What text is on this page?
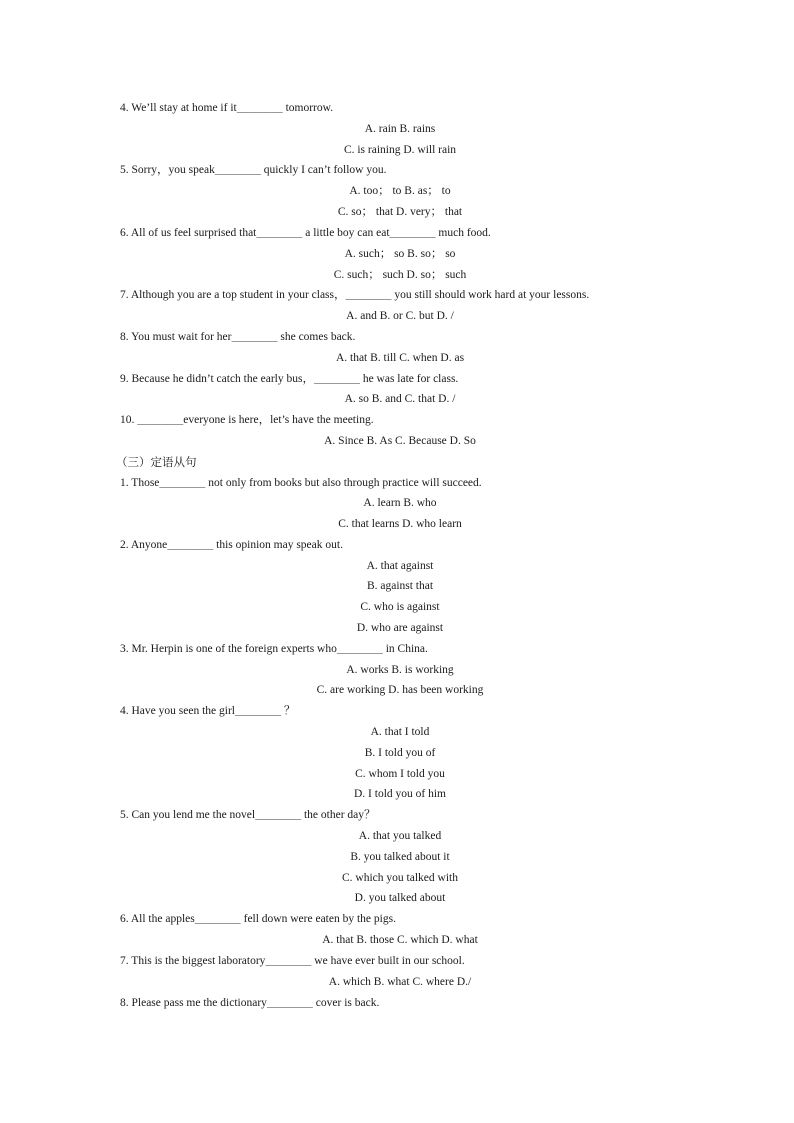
4. We’ll stay at home if it＿＿＿＿ tomorrow.
A. rain B. rains
C. is raining D. will rain
5. Sorry，you speak＿＿＿＿ quickly I can’t follow you.
A. too； to B. as； to
C. so； that D. very； that
6. All of us feel surprised that＿＿＿＿ a little boy can eat＿＿＿＿ much food.
A. such； so B. so； so
C. such； such D. so； such
7. Although you are a top student in your class，＿＿＿＿ you still should work hard at your lessons.
A. and B. or C. but D. /
8. You must wait for her＿＿＿＿ she comes back.
A. that B. till C. when D. as
9. Because he didn’t catch the early bus，＿＿＿＿ he was late for class.
A. so B. and C. that D. /
10. ＿＿＿＿everyone is here，let’s have the meeting.
A. Since B. As C. Because D. So
（三）定语从句
1. Those＿＿＿＿ not only from books but also through practice will succeed.
A. learn B. who
C. that learns D. who learn
2. Anyone＿＿＿＿ this opinion may speak out.
A. that against
B. against that
C. who is against
D. who are against
3. Mr. Herpin is one of the foreign experts who＿＿＿＿ in China.
A. works B. is working
C. are working D. has been working
4. Have you seen the girl＿＿＿＿ ？
A. that I told
B. I told you of
C. whom I told you
D. I told you of him
5. Can you lend me the novel＿＿＿＿ the other day？
A. that you talked
B. you talked about it
C. which you talked with
D. you talked about
6. All the apples＿＿＿＿ fell down were eaten by the pigs.
A. that B. those C. which D. what
7. This is the biggest laboratory＿＿＿＿ we have ever built in our school.
A. which B. what C. where D./
8. Please pass me the dictionary＿＿＿＿ cover is back.
